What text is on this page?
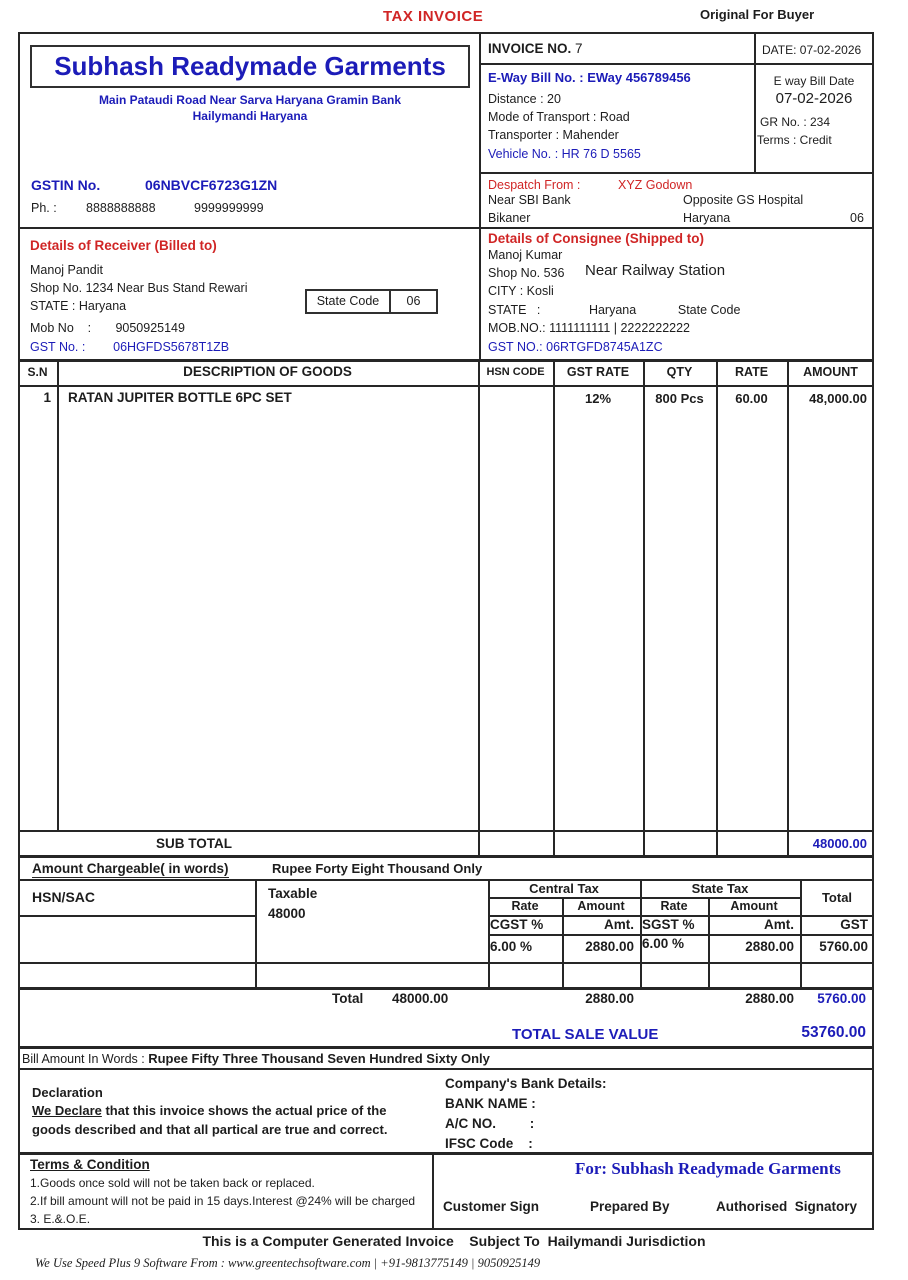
TAX INVOICE	Original For Buyer
Subhash Readymade Garments
Main Pataudi Road Near Sarva Haryana Gramin Bank
Hailymandi Haryana
GSTIN No.	06NBVCF6723G1ZN
Ph. : 8888888888	9999999999
INVOICE NO. 7	DATE: 07-02-2026
E-Way Bill No. : EWay 456789456
Distance : 20
Mode of Transport : Road
Transporter : Mahender
Vehicle No. : HR 76 D 5565
E way Bill Date
07-02-2026
GR No. : 234
Terms : Credit
Despatch From :	XYZ Godown
Near SBI Bank	Opposite GS Hospital
Bikaner	Haryana	06
Details of Receiver (Billed to)
Manoj Pandit
Shop No. 1234 Near Bus Stand Rewari
STATE : Haryana	State Code	06
Mob No    :       9050925149
GST No. :        06HGFDS5678T1ZB
Details of Consignee (Shipped to)
Manoj Kumar
Shop No. 536 Near Railway Station
CITY : Kosli
STATE   :              Haryana            State Code
MOB.NO.: 1111111111 | 2222222222
GST NO.: 06RTGFD8745A1ZC
S.N	DESCRIPTION OF GOODS	HSN CODE	GST RATE	QTY	RATE	AMOUNT
1 RATAN JUPITER BOTTLE 6PC SET	12%	800 Pcs	60.00	48,000.00
SUB TOTAL	48000.00
Amount Chargeable( in words)	Rupee Forty Eight Thousand Only
HSN/SAC	Taxable
48000
Central Tax	State Tax
Total
Rate	Amount	Rate	Amount
CGST %	Amt. SGST %	Amt.	GST
6.00 %	2880.00 6.00 %	2880.00	5760.00
Total 48000.00	2880.00	2880.00	5760.00
TOTAL SALE VALUE	53760.00
Bill Amount In Words : Rupee Fifty Three Thousand Seven Hundred Sixty Only
Declaration
We Declare that this invoice shows the actual price of the
goods described and that all partical are true and correct.
Company's Bank Details:
BANK NAME :
A/C NO.         :
IFSC Code    :
Terms & Condition
1.Goods once sold will not be taken back or replaced.
2.If bill amount will not be paid in 15 days.Interest @24% will be charged
3. E.&.O.E.
For: Subhash Readymade Garments
Customer Sign	Prepared By	Authorised  Signatory
This is a Computer Generated Invoice    Subject To  Hailymandi Jurisdiction
We Use Speed Plus 9 Software From : www.greentechsoftware.com | +91-9813775149 | 9050925149
